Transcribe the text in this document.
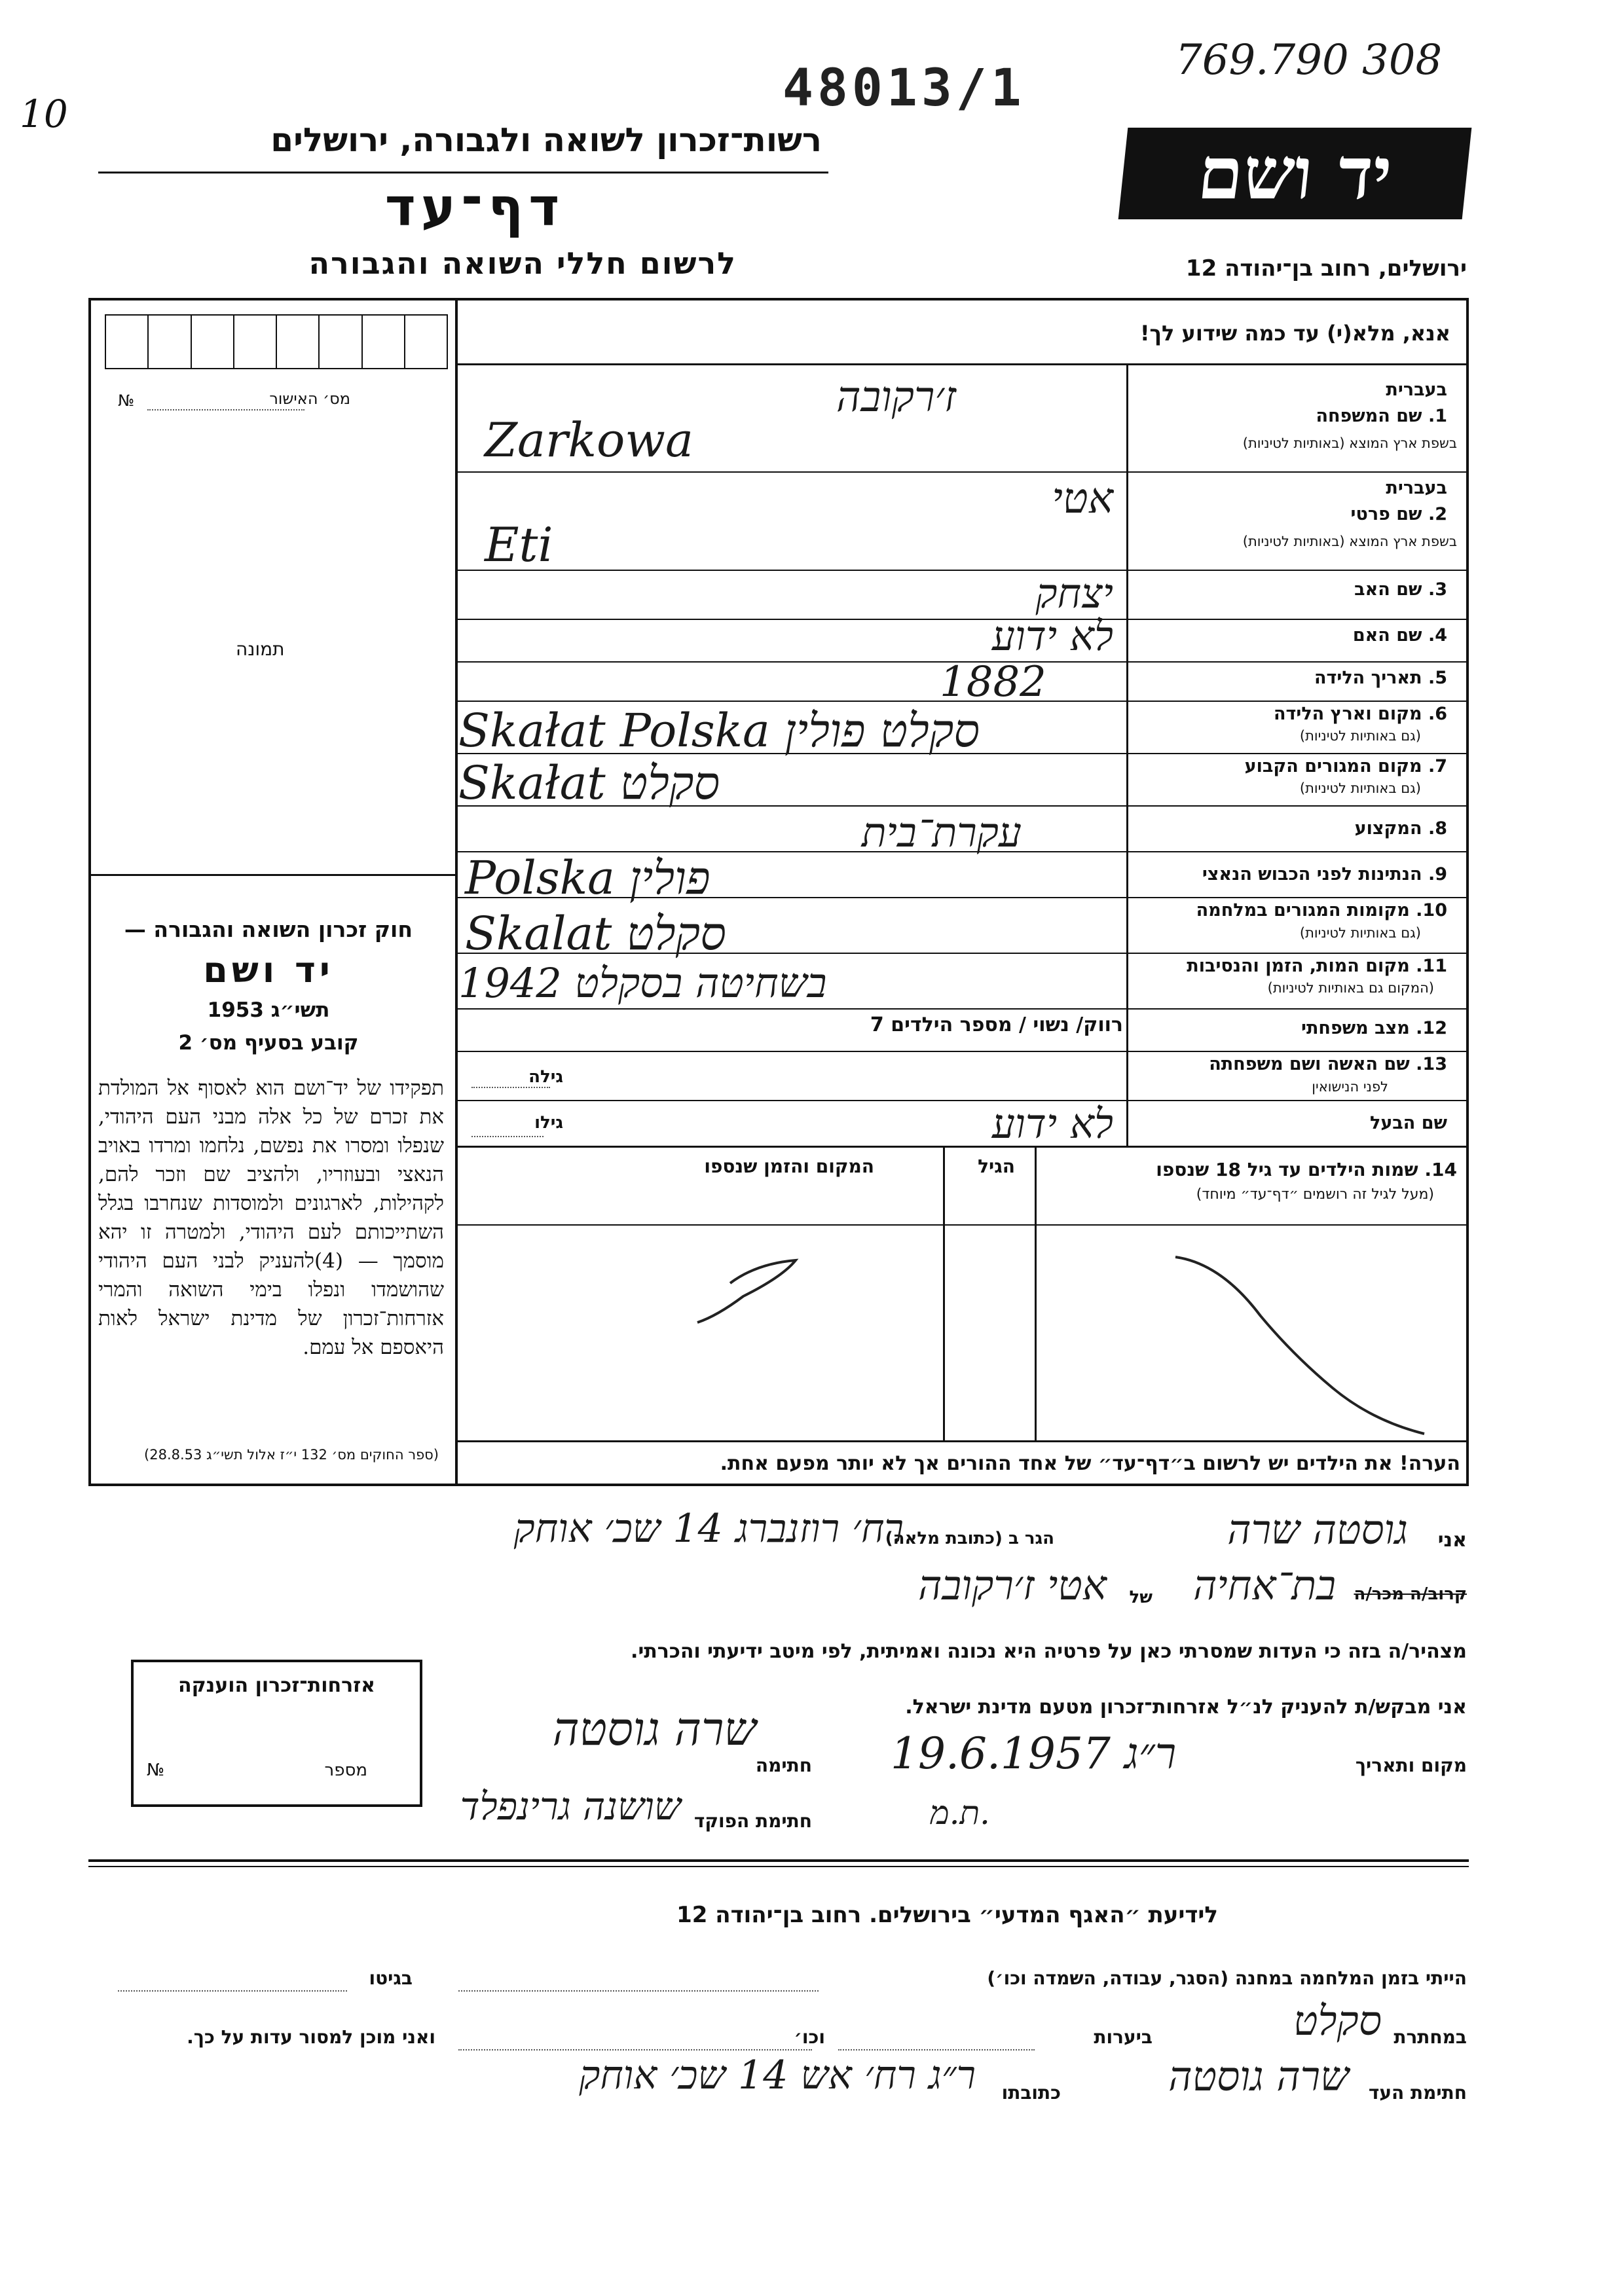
10	48013/1	769.790 308
רשות־זכרון לשואה ולגבורה, ירושלים
דף־עד
לרשום חללי השואה והגבורה
יד ושם
ירושלים, רחוב בן־יהודה 12
מס׳ האישור
№
תמונה
חוק זכרון השואה והגבורה —
יד ושם
תשי״ג 1953
קובע בסעיף מס׳ 2
תפקידו של יד־ושם הוא לאסוף אל המולדת את זכרם של כל אלה מבני העם היהודי, שנפלו ומסרו את נפשם, נלחמו ומרדו באויב הנאצי ובעוזריו, ולהציב שם וזכר להם, לקהילות, לארגונים ולמוסדות שנחרבו בגלל השתייכותם לעם היהודי, ולמטרה זו יהא מוסמך — (4)להעניק לבני העם היהודי שהושמדו ונפלו בימי השואה והמרי אזרחות־זכרון של מדינת ישראל לאות היאספם אל עמם.
(ספר החוקים מס׳ 132 י״ז אלול תשי״ג 28.8.53)
אנא, מלא(י) עד כמה שידוע לך!
בעברית
1. שם המשפחה
בשפת ארץ המוצא (באותיות לטיניות)
ז׳רקובה
Zarkowa
בעברית
2. שם פרטי
בשפת ארץ המוצא (באותיות לטיניות)
אטי
Eti
3. שם האב
יצחק
4. שם האם
לא ידוע
5. תאריך הלידה
1882
6. מקום וארץ הלידה
(גם באותיות לטיניות)
Skałat Polska סקלט פולין
7. מקום המגורים הקבוע
(גם באותיות לטיניות)
Skałat סקלט
8. המקצוע
עקרת־בית
9. הנתינות לפני הכבוש הנאצי
Polska פולין
10. מקומות המגורים במלחמה
(גם באותיות לטיניות)
Skalat סקלט
11. מקום המות, הזמן והנסיבות
(המקום גם באותיות לטיניות)
1942 בשחיטה בסקלט
12. מצב משפחתי
רווק/ נשוי / מספר הילדים 7
13. שם האשה ושם משפחתה
לפני הנישואין
גילה
שם הבעל
לא ידוע
גילו
14. שמות הילדים עד גיל 18 שנספו
(מעל לגיל זה רושמים ״דף־עד״ מיוחד)
הגיל
המקום והזמן שנספו
הערה! את הילדים יש לרשום ב״דף־עד״ של אחד ההורים אך לא יותר מפעם אחת.
אני
גוסטה שרה
הגר ב (כתובת מלאה)
רח׳ רוזנברג 14 שכ׳ אוחק
קרוב/ה מכר/ה
בת־אחיה
של
אטי ז׳רקובה
מצהיר/ה בזה כי העדות שמסרתי כאן על פרטיה היא נכונה ואמיתית, לפי מיטב ידיעתי והכרתי.
אני מבקש/ת להעניק לנ״ל אזרחות־זכרון מטעם מדינת ישראל.
מקום ותאריך
ר״ג 19.6.1957
חתימה
שרה גוסטה
חתימת הפוקד
שושנה גרינפלד	ת.מ.
אזרחות־זכרון הוענקה
מספר
№
לידיעת ״האגף המדעי״ בירושלים. רחוב בן־יהודה 12
הייתי בזמן המלחמה במחנה (הסגר, עבודה, השמדה וכו׳)
בגיטו
במחתרת
סקלט
ביערות
וכו׳
ואני מוכן למסור עדות על כך.
חתימת העד
שרה גוסטה
כתובתו
ר״ג רח׳ אש 14 שכ׳ אוחק
